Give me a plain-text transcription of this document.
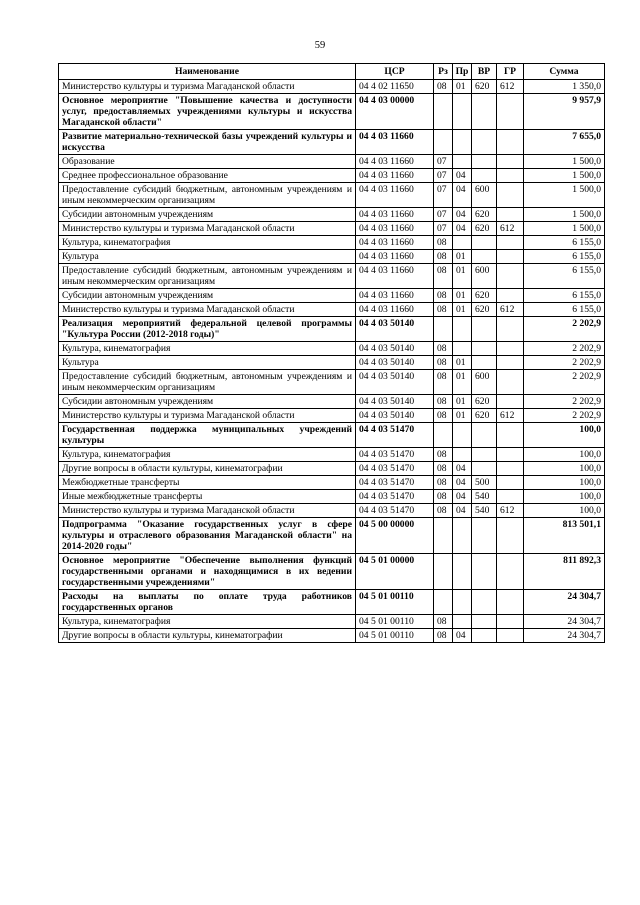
59
Наименование	ЦСР	Рз	Пр	ВР	ГР	Сумма
Министерство культуры и туризма Магаданской области	04 4 02 11650	08	01	620	612	1 350,0
Основное мероприятие "Повышение качества и доступности услуг, предоставляемых учреждениями культуры и искусства Магаданской области"	04 4 03 00000					9 957,9
Развитие материально-технической базы учреждений культуры и искусства	04 4 03 11660					7 655,0
Образование	04 4 03 11660	07				1 500,0
Среднее профессиональное образование	04 4 03 11660	07	04			1 500,0
Предоставление субсидий бюджетным, автономным учреждениям и иным некоммерческим организациям	04 4 03 11660	07	04	600		1 500,0
Субсидии автономным учреждениям	04 4 03 11660	07	04	620		1 500,0
Министерство культуры и туризма Магаданской области	04 4 03 11660	07	04	620	612	1 500,0
Культура, кинематография	04 4 03 11660	08				6 155,0
Культура	04 4 03 11660	08	01			6 155,0
Предоставление субсидий бюджетным, автономным учреждениям и иным некоммерческим организациям	04 4 03 11660	08	01	600		6 155,0
Субсидии автономным учреждениям	04 4 03 11660	08	01	620		6 155,0
Министерство культуры и туризма Магаданской области	04 4 03 11660	08	01	620	612	6 155,0
Реализация мероприятий федеральной целевой программы "Культура России (2012-2018 годы)"	04 4 03 50140					2 202,9
Культура, кинематография	04 4 03 50140	08				2 202,9
Культура	04 4 03 50140	08	01			2 202,9
Предоставление субсидий бюджетным, автономным учреждениям и иным некоммерческим организациям	04 4 03 50140	08	01	600		2 202,9
Субсидии автономным учреждениям	04 4 03 50140	08	01	620		2 202,9
Министерство культуры и туризма Магаданской области	04 4 03 50140	08	01	620	612	2 202,9
Государственная поддержка муниципальных учреждений культуры	04 4 03 51470					100,0
Культура, кинематография	04 4 03 51470	08				100,0
Другие вопросы в области культуры, кинематографии	04 4 03 51470	08	04			100,0
Межбюджетные трансферты	04 4 03 51470	08	04	500		100,0
Иные межбюджетные трансферты	04 4 03 51470	08	04	540		100,0
Министерство культуры и туризма Магаданской области	04 4 03 51470	08	04	540	612	100,0
Подпрограмма "Оказание государственных услуг в сфере культуры и отраслевого образования Магаданской области" на 2014-2020 годы"	04 5 00 00000					813 501,1
Основное мероприятие "Обеспечение выполнения функций государственными органами и находящимися в их ведении государственными учреждениями"	04 5 01 00000					811 892,3
Расходы на выплаты по оплате труда работников государственных органов	04 5 01 00110					24 304,7
Культура, кинематография	04 5 01 00110	08				24 304,7
Другие вопросы в области культуры, кинематографии	04 5 01 00110	08	04			24 304,7
